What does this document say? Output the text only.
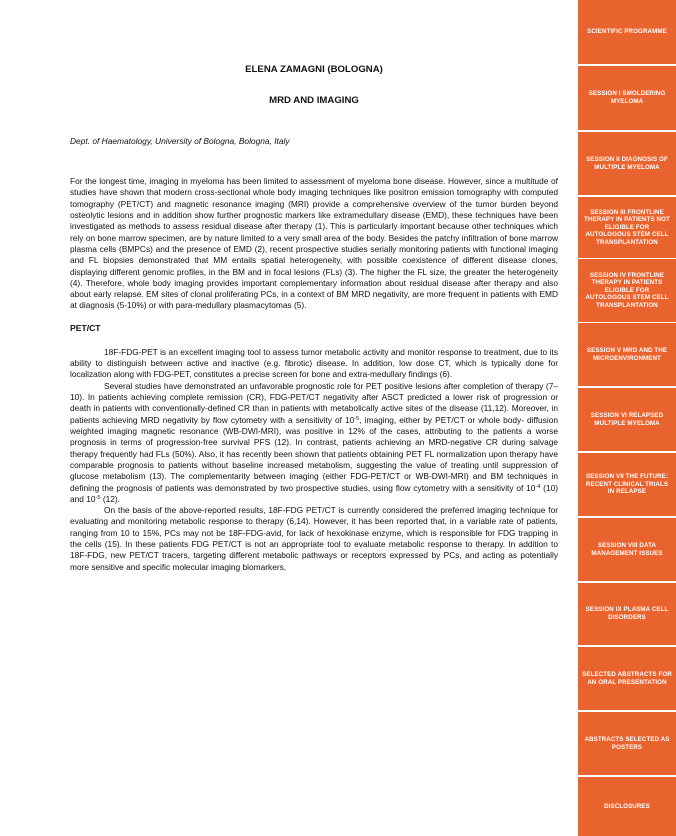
ELENA ZAMAGNI (BOLOGNA)
MRD AND IMAGING
Dept. of Haematology, University of Bologna, Bologna, Italy

For the longest time, imaging in myeloma has been limited to assessment of myeloma bone disease. However, since a multitude of studies have shown that modern cross-sectional whole body imaging techniques like positron emission tomography with computed tomography (PET/CT) and magnetic resonance imaging (MRI) provide a comprehensive overview of the tumor burden beyond osteolytic lesions and in addition show further prognostic markers like extramedullary disease (EMD), these techniques have been investigated as methods to assess residual disease after therapy (1). This is particularly important because other techniques which rely on bone marrow specimen, are by nature limited to a very small area of the body. Besides the patchy infiltration of bone marrow plasma cells (BMPCs) and the presence of EMD (2), recent prospective studies serially monitoring patients with functional imaging and FL biopsies demonstrated that MM entails spatial heterogeneity, with possible coexistence of different disease clones, displaying different genomic profiles, in the BM and in focal lesions (FLs) (3). The higher the FL size, the greater the heterogeneity (4). Therefore, whole body imaging provides important complementary information about residual disease after therapy and also about early relapse. EM sites of clonal proliferating PCs, in a context of BM MRD negativity, are more frequent in patients with EMD at diagnosis (5-10%) or with para-medullary plasmacytomas (5).

PET/CT

18F-FDG-PET is an excellent imaging tool to assess tumor metabolic activity and monitor response to treatment, due to its ability to distinguish between active and inactive (e.g. fibrotic) disease. In addition, low dose CT, which is typically done for localization along with FDG-PET, constitutes a precise screen for bone and extra-medullary findings (6).

Several studies have demonstrated an unfavorable prognostic role for PET positive lesions after completion of therapy (7–10). In patients achieving complete remission (CR), FDG-PET/CT negativity after ASCT predicted a lower risk of progression or death in patients with conventionally-defined CR than in patients with metabolically active sites of the disease (11,12). Moreover, in patients achieving MRD negativity by flow cytometry with a sensitivity of $10^{-5}$, imaging, either by PET/CT or whole body- diffusion weighted imaging magnetic resonance (WB-DWI-MRI), was positive in 12% of the cases, attributing to the patients a worse prognosis in terms of progression-free survival PFS (12). In contrast, patients achieving an MRD-negative CR during salvage therapy frequently had FLs (50%). Also, it has recently been shown that patients obtaining PET FL normalization upon therapy have comparable prognosis to patients without baseline increased metabolism, suggesting the value of treating until suppression of glucose metabolism (13). The complementarity between imaging (either FDG-PET/CT or WB-DWI-MRI) and BM techniques in defining the prognosis of patients was demonstrated by two prospective studies, using flow cytometry with a sensitivity of $10^{-4}$ (10) and $10^{-5}$ (12).

On the basis of the above-reported results, 18F-FDG PET/CT is currently considered the preferred imaging technique for evaluating and monitoring metabolic response to therapy (6,14). However, it has been reported that, in a variable rate of patients, ranging from 10 to 15%, PCs may not be 18F-FDG-avid, for lack of hexokinase enzyme, which is responsible for FDG trapping in the cells (15). In these patients FDG PET/CT is not an appropriate tool to evaluate metabolic response to therapy. In addition to 18F-FDG, new PET/CT tracers, targeting different metabolic pathways or receptors expressed by PCs, and acting as potentially more sensitive and specific molecular imaging biomarkers,

SCIENTIFIC PROGRAMME
SESSION I SMOLDERING MYELOMA
SESSION II DIAGNOSIS OF MULTIPLE MYELOMA
SESSION III FRONTLINE THERAPY IN PATIENTS NOT ELIGIBLE FOR AUTOLOGOUS STEM CELL TRANSPLANTATION
SESSION IV FRONTLINE THERAPY IN PATIENTS ELIGIBLE FOR AUTOLOGOUS STEM CELL TRANSPLANTATION
SESSION V MRD AND THE MICROENVIRONMENT
SESSION VI RELAPSED MULTIPLE MYELOMA
SESSION VII THE FUTURE: RECENT CLINICAL TRIALS IN RELAPSE
SESSION VIII DATA MANAGEMENT ISSUES
SESSION IX PLASMA CELL DISORDERS
SELECTED ABSTRACTS FOR AN ORAL PRESENTATION
ABSTRACTS SELECTED AS POSTERS
DISCLOSURES
